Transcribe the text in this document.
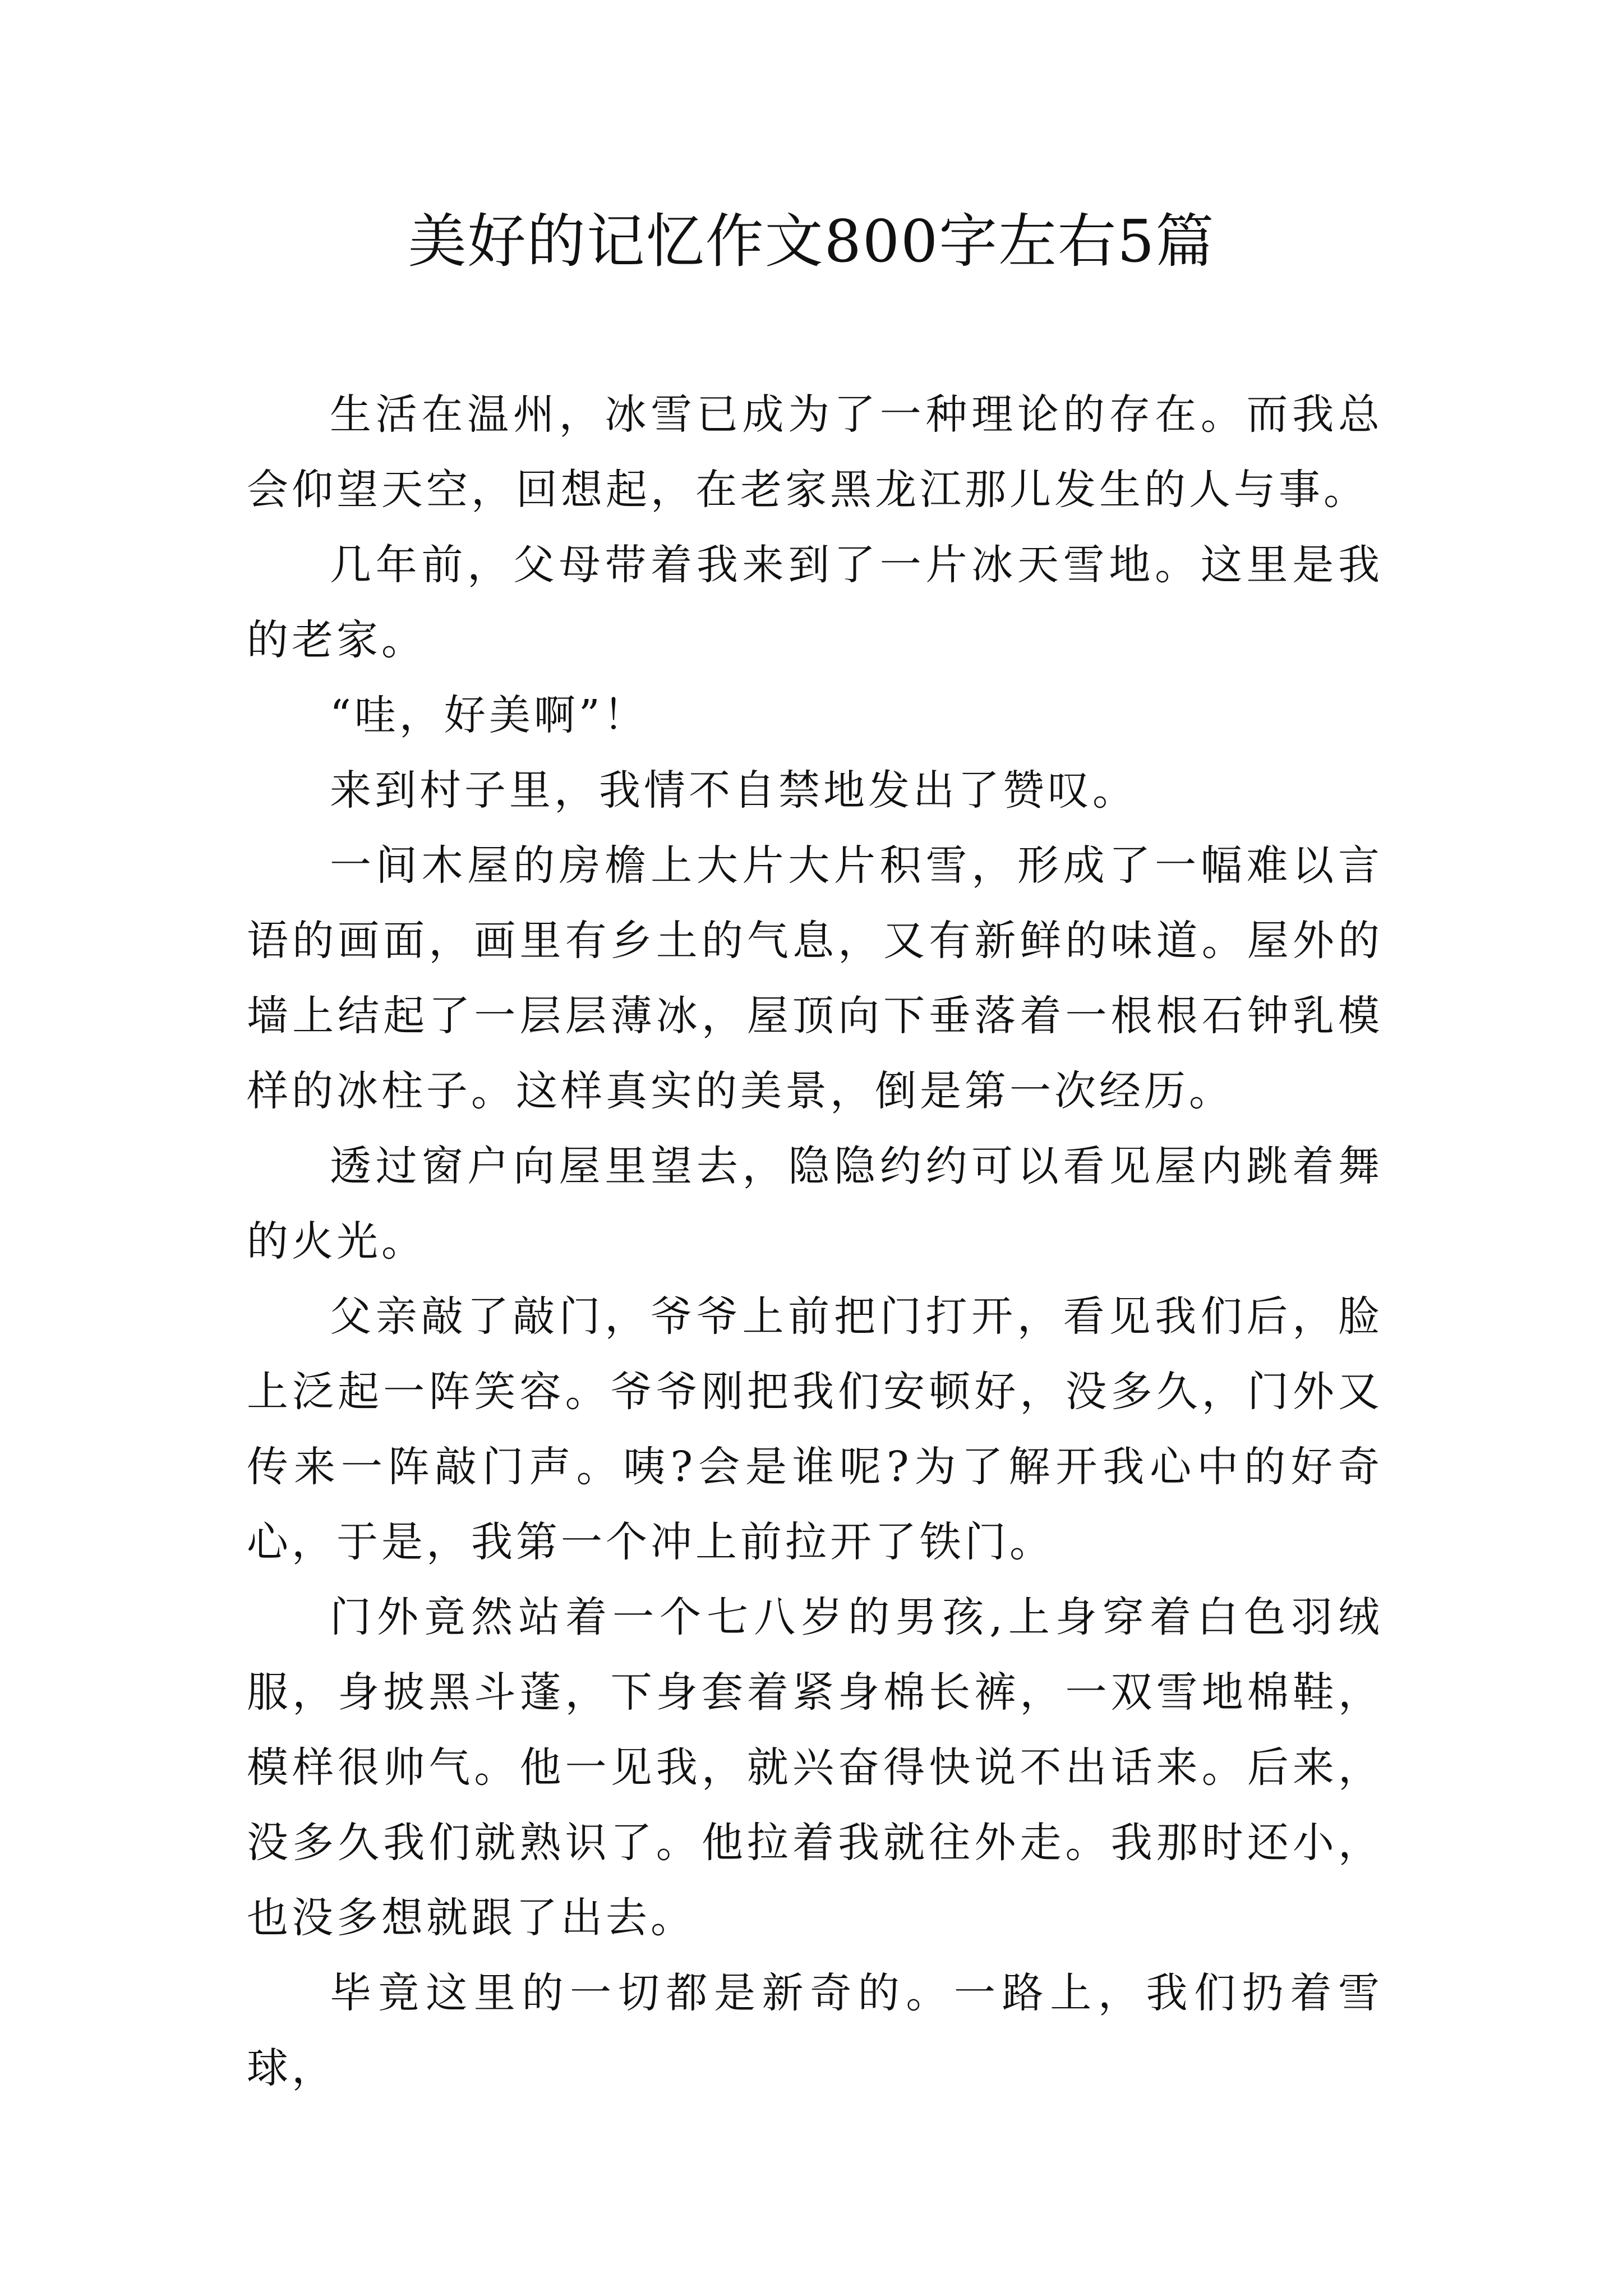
美好的记忆作文800字左右5篇

生活在温州，冰雪已成为了一种理论的存在。而我总会仰望天空，回想起，在老家黑龙江那儿发生的人与事。

几年前，父母带着我来到了一片冰天雪地。这里是我的老家。

“哇，好美啊”！

来到村子里，我情不自禁地发出了赞叹。

一间木屋的房檐上大片大片积雪，形成了一幅难以言语的画面，画里有乡土的气息，又有新鲜的味道。屋外的墙上结起了一层层薄冰，屋顶向下垂落着一根根石钟乳模样的冰柱子。这样真实的美景，倒是第一次经历。

透过窗户向屋里望去，隐隐约约可以看见屋内跳着舞的火光。

父亲敲了敲门，爷爷上前把门打开，看见我们后，脸上泛起一阵笑容。爷爷刚把我们安顿好，没多久，门外又传来一阵敲门声。咦?会是谁呢?为了解开我心中的好奇心，于是，我第一个冲上前拉开了铁门。

门外竟然站着一个七八岁的男孩,上身穿着白色羽绒服，身披黑斗蓬，下身套着紧身棉长裤，一双雪地棉鞋，模样很帅气。他一见我，就兴奋得快说不出话来。后来，没多久我们就熟识了。他拉着我就往外走。我那时还小，也没多想就跟了出去。

毕竟这里的一切都是新奇的。一路上，我们扔着雪球，
